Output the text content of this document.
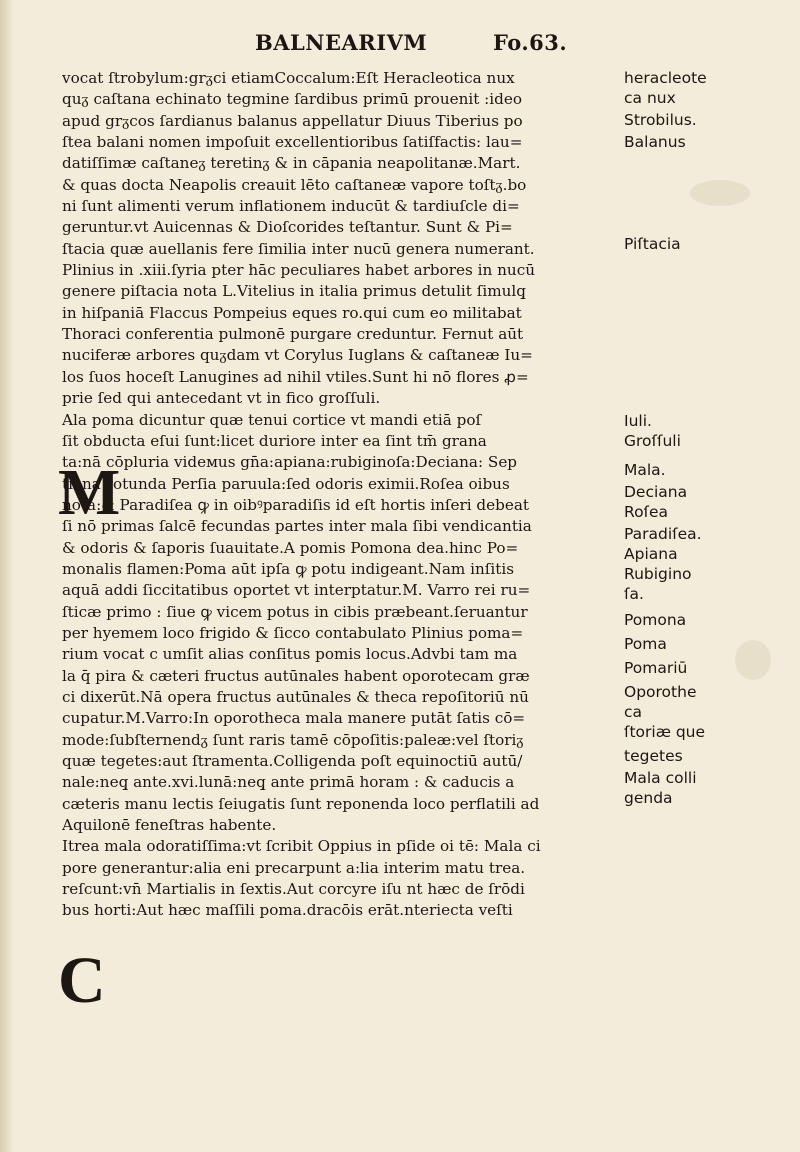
BALNEARIVM	Fo.63.
M
C
vocat ſtrobylum:grᵹci etiamCoccalum:Eſt Heracleotica nux
quᵹ caſtana echinato tegmine ſardibus primū prouenit :ideo
apud grᵹcos ſardianus balanus appellatur Diuus Tiberius po
ſtea balani nomen impoſuit excellentioribus ſatiſfactis: lau=
datiſſimæ caſtaneᵹ teretinᵹ & in cāpania neapolitanæ.Mart.
& quas docta Neapolis creauit lēto caſtaneæ vapore toſtᵹ.bo
ni ſunt alimenti verum inflationem inducūt & tardiuſcle di=
geruntur.vt Auicennas & Dioſcorides teſtantur. Sunt & Pi=
ſtacia quæ auellanis fere ſimilia inter nucū genera numerant.
Plinius in .xiii.ſyria pter hāc peculiares habet arbores in nucū
genere piſtacia nota L.Vitelius in italia primus detulit ſimulq̧
in hiſpaniā Flaccus Pompeius eques ro.qui cum eo militabat
Thoraci conferentia pulmonē purgare creduntur. Fernut aūt
nuciferæ arbores quᵹdam vt Corylus Iuglans & caſtaneæ Iu=
los ſuos hoceſt Lanugines ad nihil vtiles.Sunt hi nō flores ꝓ=
prie ſed qui antecedant vt in fico groſſuli.
Ala poma dicuntur quæ tenui cortice vt mandi etiā poſ
ſit obducta eſui ſunt:licet duriore inter ea ſint tm̄ grana
ta:nā cōpluria vidемus gn̄a:apiana:rubiginoſa:Deciana: Sep
tiana rotunda Perſia paruula:ſed odoris eximii.Roſea oibus
nota:& Paradiſea ꝙ in oibꝰparadiſis id eſt hortis inſeri debeat
ſi nō primas ſalcē fecundas partes inter mala ſibi vendicantia
& odoris & ſaporis ſuauitate.A pomis Pomona dea.hinc Po=
monalis flamen:Poma aūt ipſa ꝙ potu indigeant.Nam inſitis
aquā addi ſiccitatibus oportet vt interptatur.M. Varro rei ru=
ſticæ primo : ſiue ꝙ vicem potus in cibis præbeant.ſeruantur
per hyemem loco frigido & ſicco contabulato Plinius poma=
rium vocat c umſit alias conſitus pomis locus.Advbi tam ma
la q̄ pira & cæteri fructus autūnales habent oporotecam græ
ci dixerūt.Nā opera fructus autūnales & theca repoſitoriū nū
cupatur.M.Varro:In oporotheca mala manere putāt ſatis cō=
mode:ſubſternendᵹ ſunt raris tamē cōpoſitis:paleæ:vel ſtoriᵹ
quæ tegetes:aut ſtramenta.Colligenda poſt equinoctiū autū/
nale:neq̧ ante.xvi.lunā:neq̧ ante primā horam : & caducis a
cæteris manu lectis ſeiugatis ſunt reponenda loco perflatili ad
Aquilonē feneſtras habente.
Itrea mala odoratiſſima:vt ſcribit Oppius in pſide oi tē: Mala ci
pore generantur:alia eni precarpunt a:lia interim matu trea.
reſcunt:vn̄ Martialis in ſextis.Aut corcyre iſu nt hæc de ſrōdi
bus horti:Aut hæc maſſili poma.dracōis erāt.nteriecta veſti
heracleote
ca nux
Strobilus.
Balanus
Piſtacia
Iuli.
Groſſuli
Mala.
Deciana
Roſea
Paradiſea.
Apiana
Rubigino
ſa.
Pomona
Poma
Pomariū
Oporothe
ca
ſtoriæ que
tegetes
Mala colli
genda
